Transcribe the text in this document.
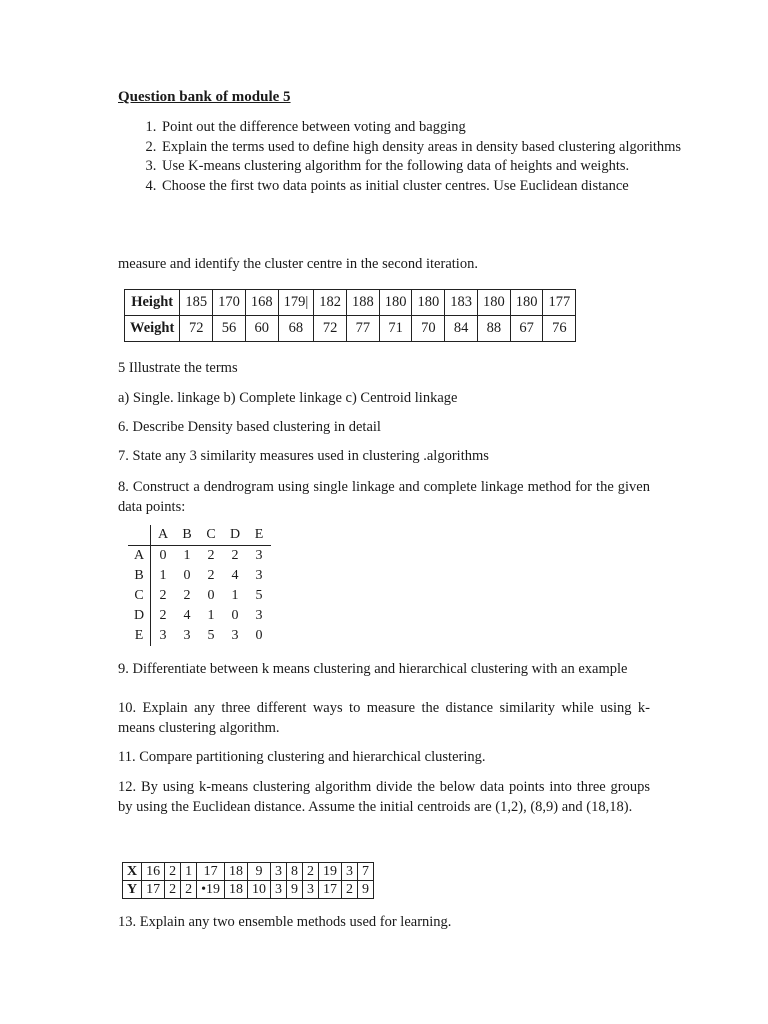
Question bank of module 5
1. Point out the difference between voting and bagging
2. Explain the terms used to define high density areas in density based clustering algorithms
3. Use K-means clustering algorithm for the following data of heights and weights.
4. Choose the first two data points as initial cluster centres. Use Euclidean distance
measure and identify the cluster centre in the second iteration.
Height	185	170	168	179|	182	188	180	180	183	180	180	177
Weight	72	56	60	68	72	77	71	70	84	88	67	76
5 Illustrate the terms
a) Single. linkage b) Complete linkage c) Centroid linkage
6. Describe Density based clustering in detail
7. State any 3 similarity measures used in clustering .algorithms
8. Construct a dendrogram using single linkage and complete linkage method for the given data points:
	A	B	C	D	E
A	0	1	2	2	3
B	1	0	2	4	3
C	2	2	0	1	5
D	2	4	1	0	3
E	3	3	5	3	0
9. Differentiate between k means clustering and hierarchical clustering with an example
10. Explain any three different ways to measure the distance similarity while using k-means clustering algorithm.
11. Compare partitioning clustering and hierarchical clustering.
12. By using k-means clustering algorithm divide the below data points into three groups by using the Euclidean distance. Assume the initial centroids are (1,2), (8,9) and (18,18).
X	16	2	1	17	18	9	3	8	2	19	3	7
Y	17	2	2	•19	18	10	3	9	3	17	2	9
13. Explain any two ensemble methods used for learning.
